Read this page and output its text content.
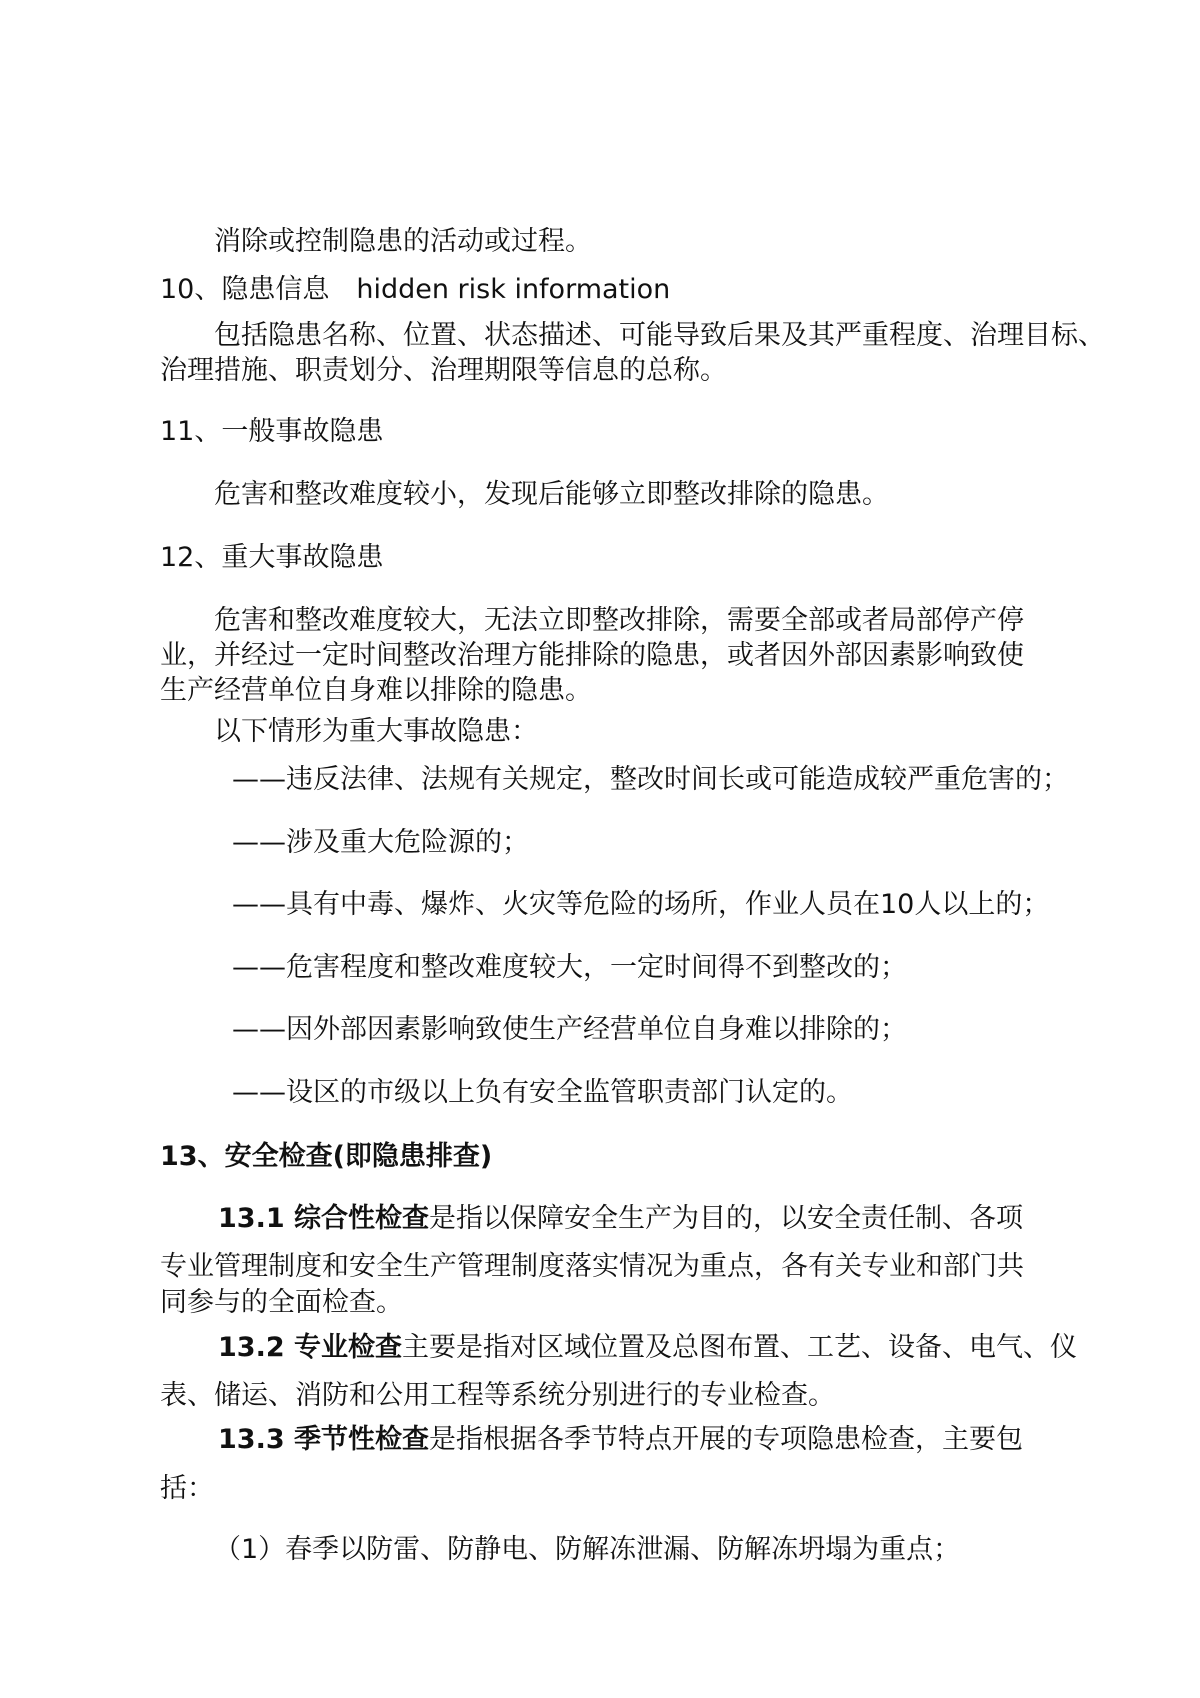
消除或控制隐患的活动或过程。
10、隐患信息　hidden risk information
包括隐患名称、位置、状态描述、可能导致后果及其严重程度、治理目标、
治理措施、职责划分、治理期限等信息的总称。
11、一般事故隐患
危害和整改难度较小，发现后能够立即整改排除的隐患。
12、重大事故隐患
危害和整改难度较大，无法立即整改排除，需要全部或者局部停产停
业，并经过一定时间整改治理方能排除的隐患，或者因外部因素影响致使
生产经营单位自身难以排除的隐患。
以下情形为重大事故隐患：
——违反法律、法规有关规定，整改时间长或可能造成较严重危害的；
——涉及重大危险源的；
——具有中毒、爆炸、火灾等危险的场所，作业人员在10人以上的；
——危害程度和整改难度较大，一定时间得不到整改的；
——因外部因素影响致使生产经营单位自身难以排除的；
——设区的市级以上负有安全监管职责部门认定的。
13、安全检查(即隐患排查)
13.1 综合性检查是指以保障安全生产为目的，以安全责任制、各项
专业管理制度和安全生产管理制度落实情况为重点，各有关专业和部门共
同参与的全面检查。
13.2 专业检查主要是指对区域位置及总图布置、工艺、设备、电气、仪
表、储运、消防和公用工程等系统分别进行的专业检查。
13.3 季节性检查是指根据各季节特点开展的专项隐患检查，主要包
括：
（1）春季以防雷、防静电、防解冻泄漏、防解冻坍塌为重点；
